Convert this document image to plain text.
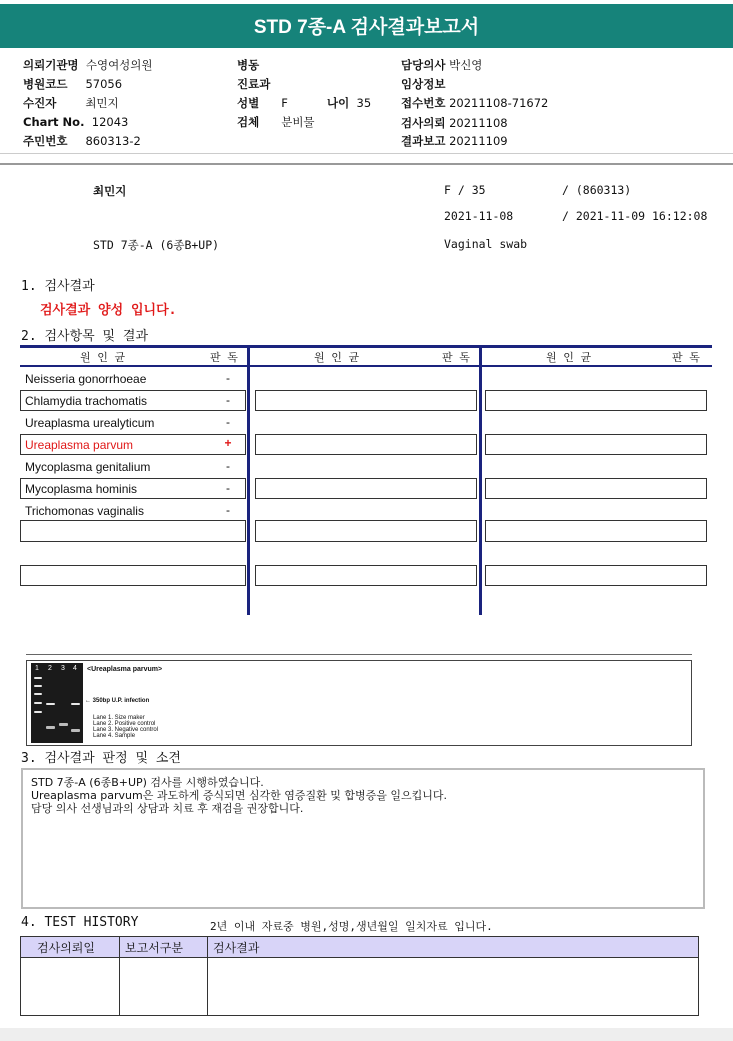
STD 7종-A 검사결과보고서
의뢰기관명 수영여성의원
병원코드 57056
수진자	최민지
Chart No. 12043
주민번호 860313-2
병동
진료과
성별 F	나이 35
검체 분비물
담당의사 박신영
임상정보
접수번호 20211108-71672
검사의뢰 20211108
결과보고 20211109
최민지	F / 35	/ (860313)
2021-11-08	/ 2021-11-09 16:12:08
STD 7종-A (6종B+UP)	Vaginal swab
1. 검사결과
검사결과 양성 입니다.
2. 검사항목 및 결과
원 인 균	판 독	원 인 균	판 독	원 인 균	판 독
Neisseria gonorrhoeae	-
Chlamydia trachomatis	-
Ureaplasma urealyticum	-
Ureaplasma parvum	+
Mycoplasma genitalium	-
Mycoplasma hominis	-
Trichomonas vaginalis	-
1 2 3 4 <Ureaplasma parvum>
← 350bp U.P. infection
Lane 1. Size maker
Lane 2. Positive control
Lane 3. Negative control
Lane 4. Sample
3. 검사결과 판정 및 소견
STD 7종-A (6종B+UP) 검사를 시행하였습니다.
Ureaplasma parvum은 과도하게 증식되면 심각한 염증질환 및 합병증을 일으킵니다.
담당 의사 선생님과의 상담과 치료 후 재검을 권장합니다.
4. TEST HISTORY	2년 이내 자료중 병원,성명,생년월일 일치자료 입니다.
검사의뢰일	보고서구분	검사결과
